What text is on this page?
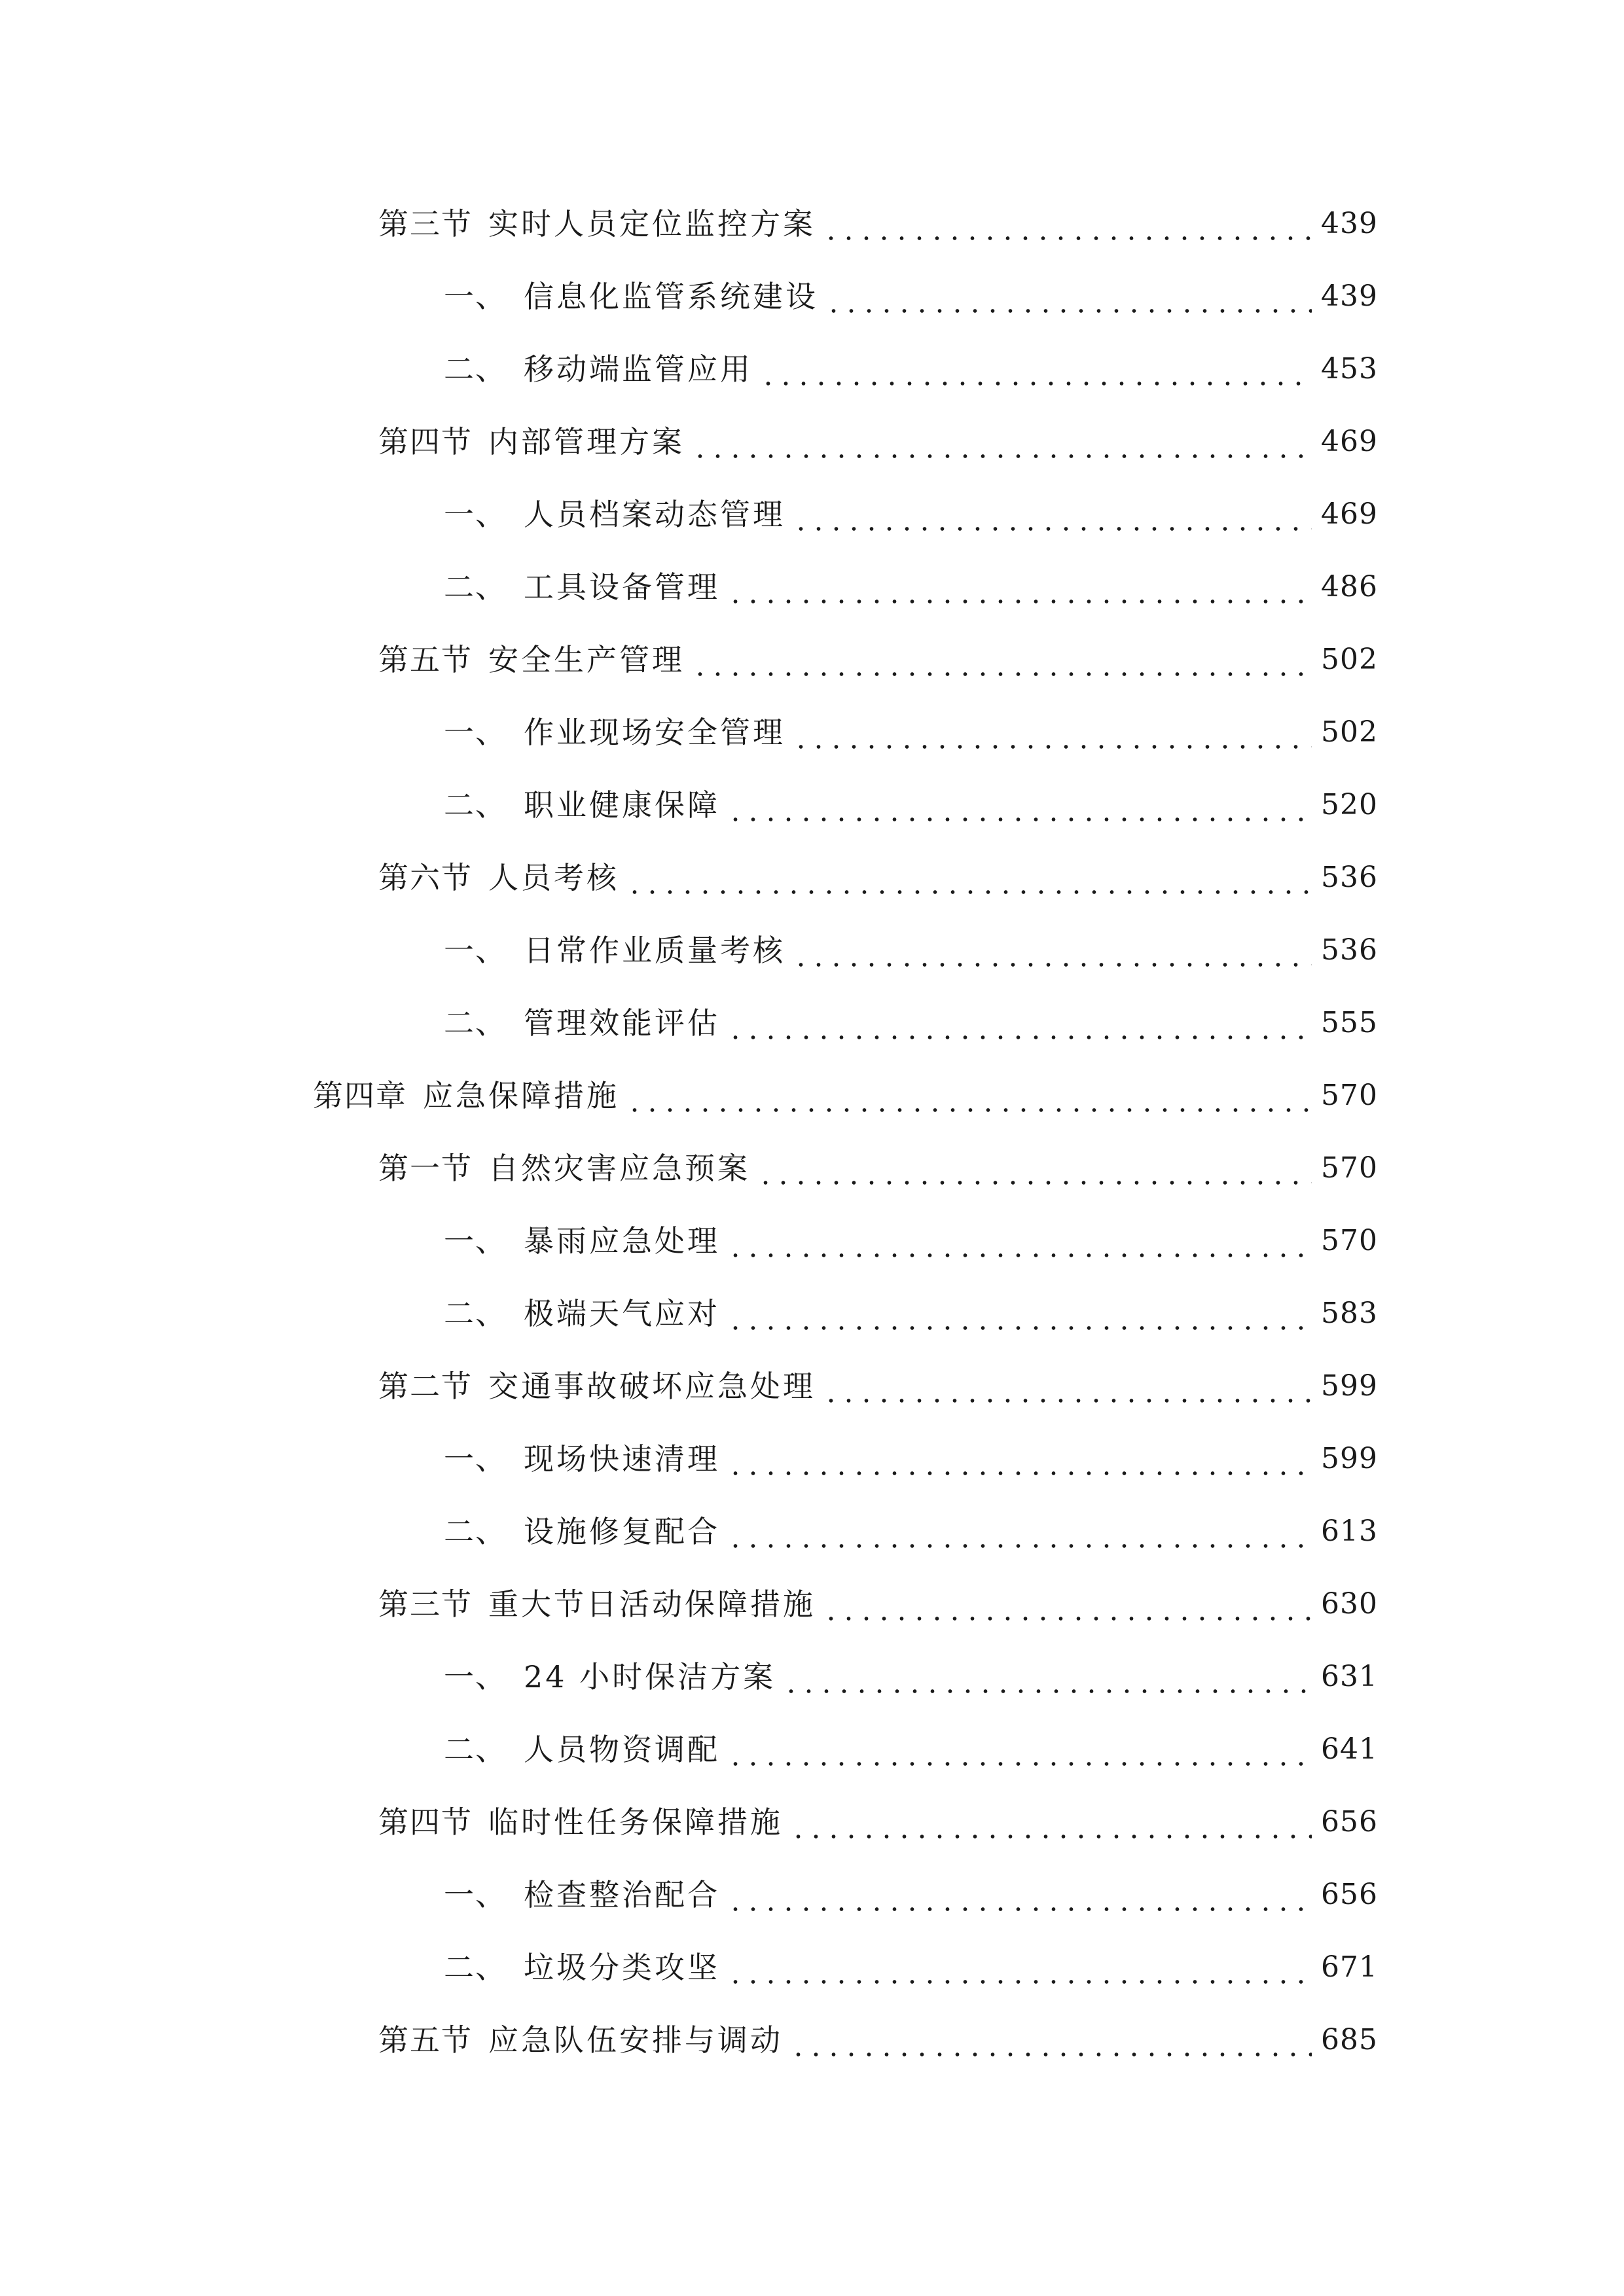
第三节 实时人员定位监控方案	439
一、 信息化监管系统建设	439
二、 移动端监管应用	453
第四节 内部管理方案	469
一、 人员档案动态管理	469
二、 工具设备管理	486
第五节 安全生产管理	502
一、 作业现场安全管理	502
二、 职业健康保障	520
第六节 人员考核	536
一、 日常作业质量考核	536
二、 管理效能评估	555
第四章 应急保障措施	570
第一节 自然灾害应急预案	570
一、 暴雨应急处理	570
二、 极端天气应对	583
第二节 交通事故破坏应急处理	599
一、 现场快速清理	599
二、 设施修复配合	613
第三节 重大节日活动保障措施	630
一、 24 小时保洁方案	631
二、 人员物资调配	641
第四节 临时性任务保障措施	656
一、 检查整治配合	656
二、 垃圾分类攻坚	671
第五节 应急队伍安排与调动	685
